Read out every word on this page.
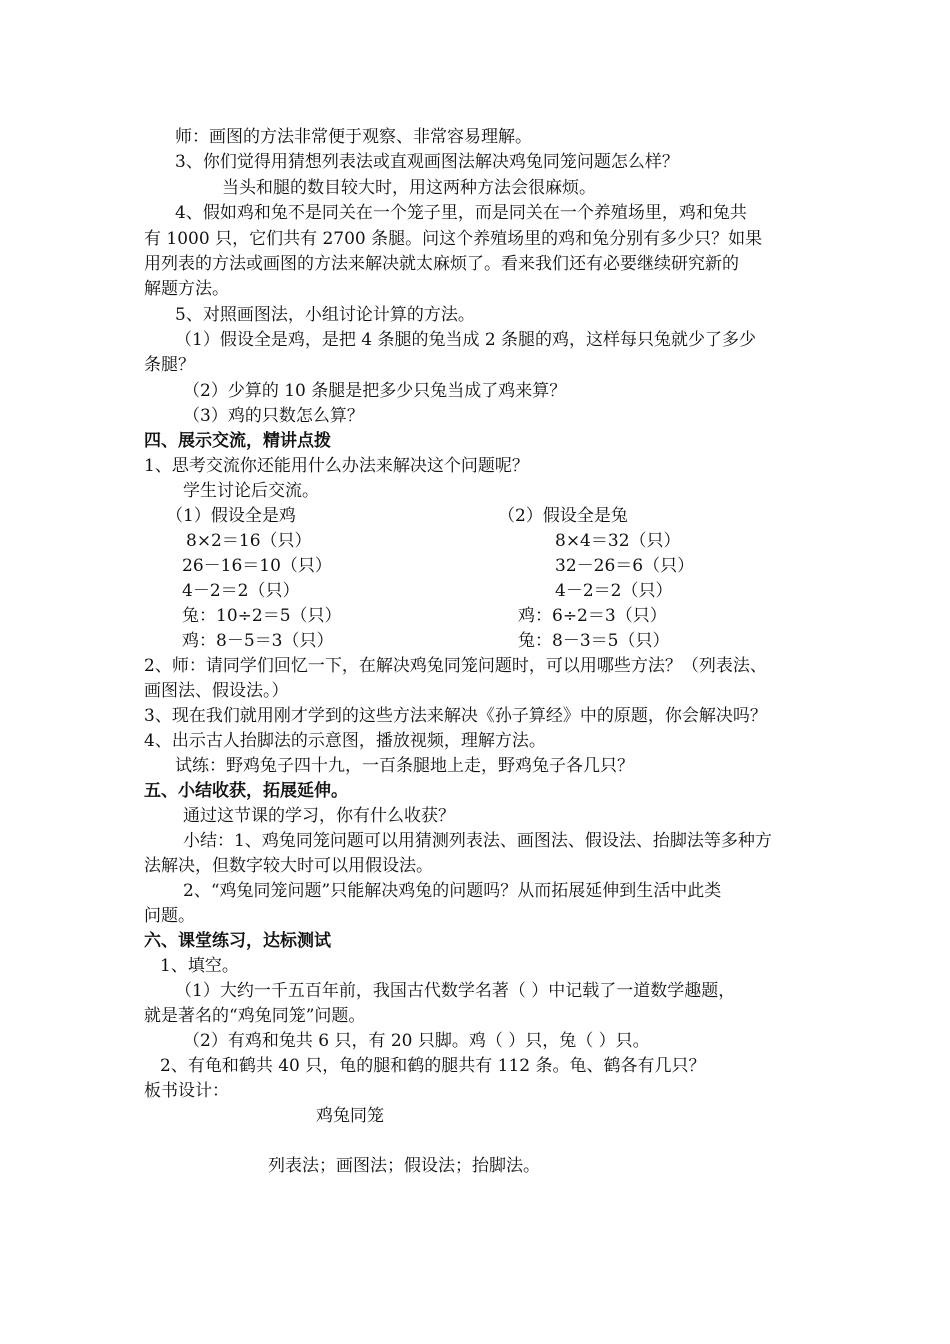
师：画图的方法非常便于观察、非常容易理解。
3、你们觉得用猜想列表法或直观画图法解决鸡兔同笼问题怎么样？
当头和腿的数目较大时，用这两种方法会很麻烦。
4、假如鸡和兔不是同关在一个笼子里，而是同关在一个养殖场里，鸡和兔共
有 1000 只，它们共有 2700 条腿。问这个养殖场里的鸡和兔分别有多少只？如果
用列表的方法或画图的方法来解决就太麻烦了。看来我们还有必要继续研究新的
解题方法。
5、对照画图法，小组讨论计算的方法。
（1）假设全是鸡，是把 4 条腿的兔当成 2 条腿的鸡，这样每只兔就少了多少
条腿？
（2）少算的 10 条腿是把多少只兔当成了鸡来算？
（3）鸡的只数怎么算？
四、展示交流，精讲点拨
1、思考交流你还能用什么办法来解决这个问题呢？
学生讨论后交流。
（1）假设全是鸡	（2）假设全是兔
8×2＝16（只）	8×4＝32（只）
26－16＝10（只）	32－26＝6（只）
4－2＝2（只）	4－2＝2（只）
兔：10÷2＝5（只）	鸡：6÷2＝3（只）
鸡：8－5＝3（只）	兔：8－3＝5（只）
2、师：请同学们回忆一下，在解决鸡兔同笼问题时，可以用哪些方法？（列表法、
画图法、假设法。）
3、现在我们就用刚才学到的这些方法来解决《孙子算经》中的原题，你会解决吗？
4、出示古人抬脚法的示意图，播放视频，理解方法。
试练：野鸡兔子四十九，一百条腿地上走，野鸡兔子各几只？
五、小结收获，拓展延伸。
通过这节课的学习，你有什么收获？
小结：1、鸡兔同笼问题可以用猜测列表法、画图法、假设法、抬脚法等多种方
法解决，但数字较大时可以用假设法。
2、“鸡兔同笼问题”只能解决鸡兔的问题吗？从而拓展延伸到生活中此类
问题。
六、课堂练习，达标测试
1、填空。
（1）大约一千五百年前，我国古代数学名著（ ）中记载了一道数学趣题，
就是著名的“鸡兔同笼”问题。
（2）有鸡和兔共 6 只，有 20 只脚。鸡（ ）只，兔（ ）只。
2、有龟和鹤共 40 只，龟的腿和鹤的腿共有 112 条。龟、鹤各有几只？
板书设计：
鸡兔同笼
列表法；画图法；假设法；抬脚法。
